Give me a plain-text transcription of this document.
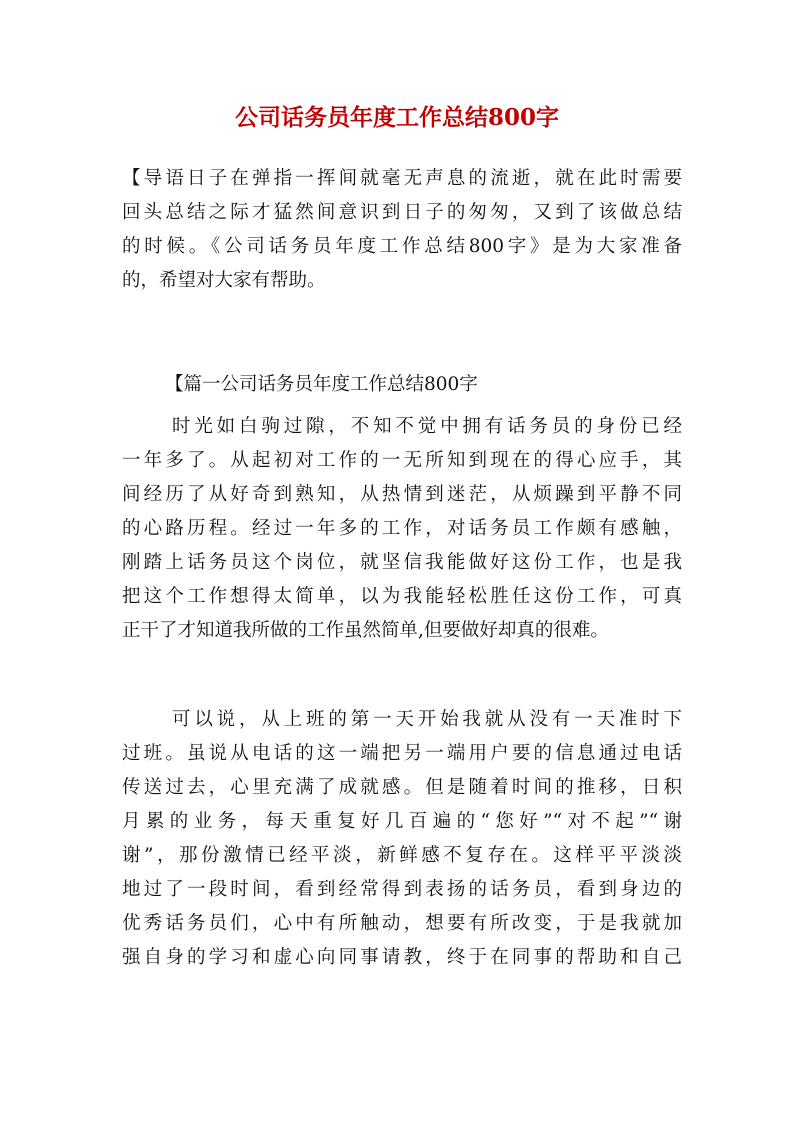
公司话务员年度工作总结800字
【导语日子在弹指一挥间就毫无声息的流逝，就在此时需要
回头总结之际才猛然间意识到日子的匆匆，又到了该做总结
的时候。《公司话务员年度工作总结800字》是为大家准备
的，希望对大家有帮助。
【篇一公司话务员年度工作总结800字
时光如白驹过隙，不知不觉中拥有话务员的身份已经
一年多了。从起初对工作的一无所知到现在的得心应手，其
间经历了从好奇到熟知，从热情到迷茫，从烦躁到平静不同
的心路历程。经过一年多的工作，对话务员工作颇有感触，
刚踏上话务员这个岗位，就坚信我能做好这份工作，也是我
把这个工作想得太简单，以为我能轻松胜任这份工作，可真
正干了才知道我所做的工作虽然简单,但要做好却真的很难。
可以说，从上班的第一天开始我就从没有一天准时下
过班。虽说从电话的这一端把另一端用户要的信息通过电话
传送过去，心里充满了成就感。但是随着时间的推移，日积
月累的业务，每天重复好几百遍的“您好”“对不起”“谢
谢”，那份激情已经平淡，新鲜感不复存在。这样平平淡淡
地过了一段时间，看到经常得到表扬的话务员，看到身边的
优秀话务员们，心中有所触动，想要有所改变，于是我就加
强自身的学习和虚心向同事请教，终于在同事的帮助和自己
